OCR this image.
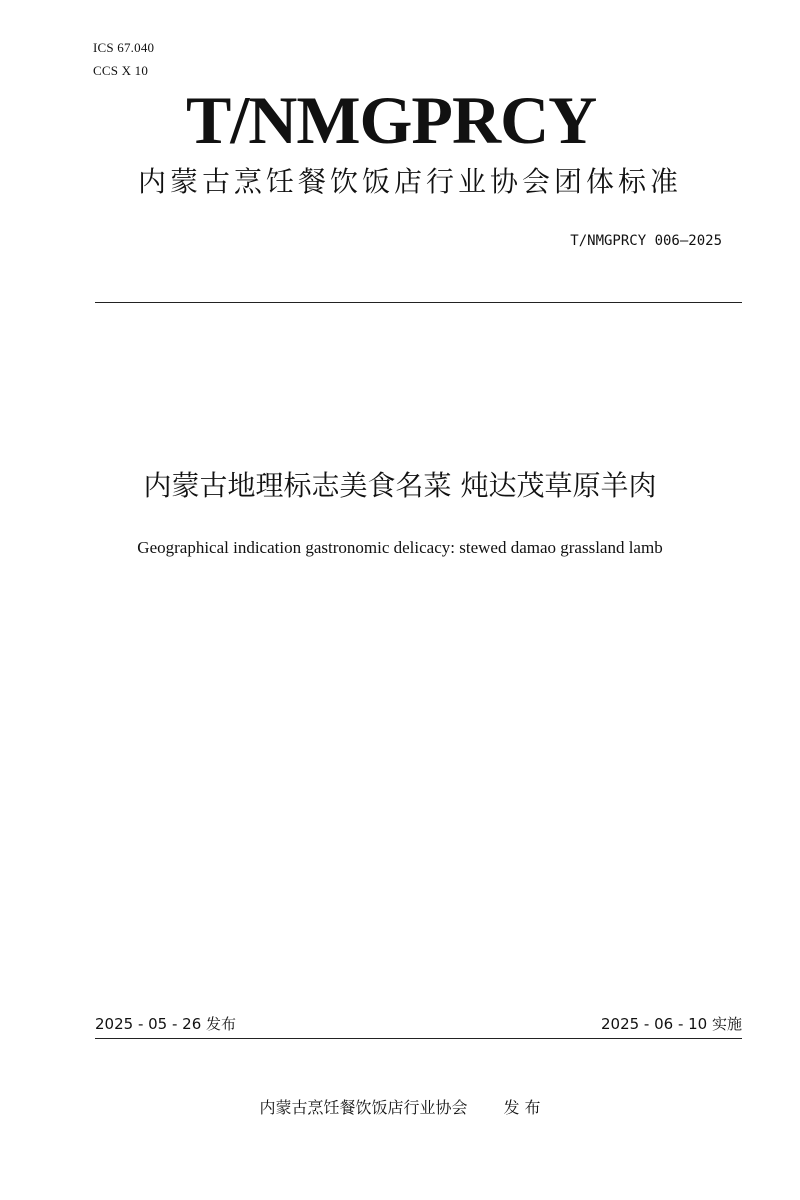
ICS 67.040
CCS X 10
T/NMGPRCY
内蒙古烹饪餐饮饭店行业协会团体标准
T/NMGPRCY 006—2025
内蒙古地理标志美食名菜 炖达茂草原羊肉
Geographical indication gastronomic delicacy: stewed damao grassland lamb
2025 - 05 - 26 发布	2025 - 06 - 10 实施
内蒙古烹饪餐饮饭店行业协会 发 布
